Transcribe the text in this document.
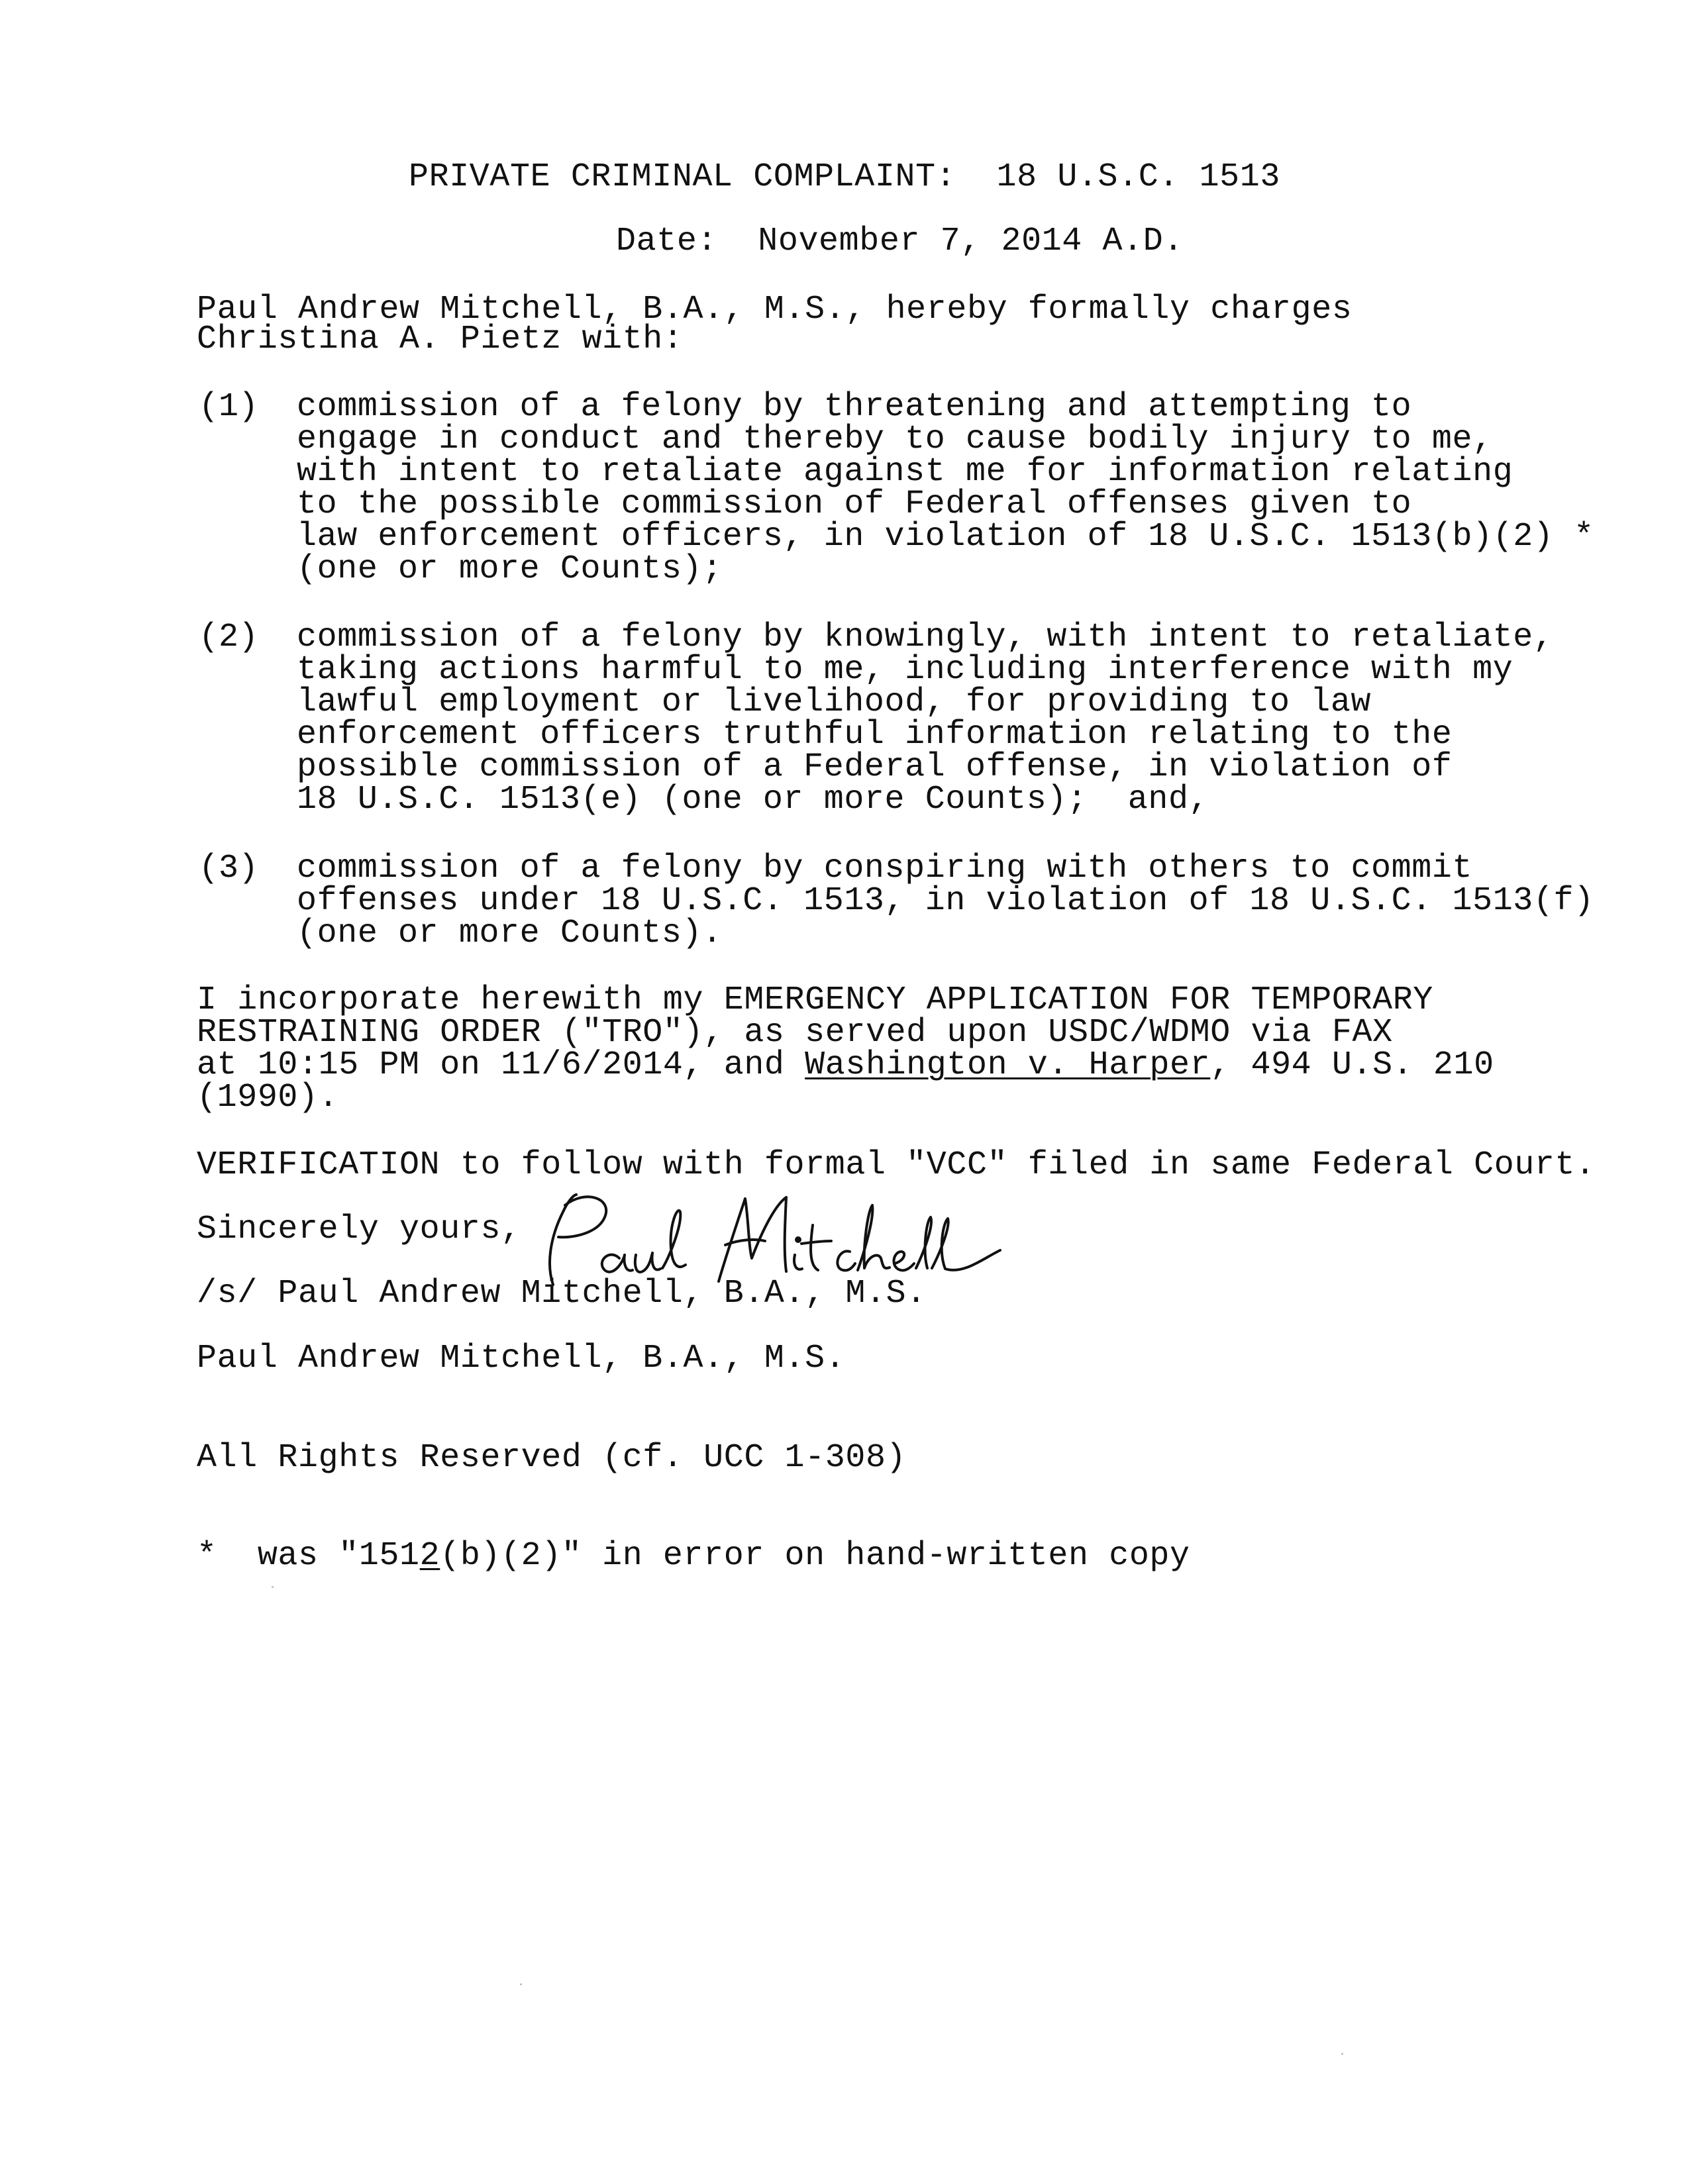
PRIVATE CRIMINAL COMPLAINT:  18 U.S.C. 1513
Date:  November 7, 2014 A.D.
Paul Andrew Mitchell, B.A., M.S., hereby formally charges
Christina A. Pietz with:
(1) commission of a felony by threatening and attempting to
engage in conduct and thereby to cause bodily injury to me,
with intent to retaliate against me for information relating
to the possible commission of Federal offenses given to
law enforcement officers, in violation of 18 U.S.C. 1513(b)(2) *
(one or more Counts);
(2) commission of a felony by knowingly, with intent to retaliate,
taking actions harmful to me, including interference with my
lawful employment or livelihood, for providing to law
enforcement officers truthful information relating to the
possible commission of a Federal offense, in violation of
18 U.S.C. 1513(e) (one or more Counts);  and,
(3) commission of a felony by conspiring with others to commit
offenses under 18 U.S.C. 1513, in violation of 18 U.S.C. 1513(f)
(one or more Counts).
I incorporate herewith my EMERGENCY APPLICATION FOR TEMPORARY
RESTRAINING ORDER ("TRO"), as served upon USDC/WDMO via FAX
at 10:15 PM on 11/6/2014, and Washington v. Harper, 494 U.S. 210
(1990).
VERIFICATION to follow with formal "VCC" filed in same Federal Court.
Sincerely yours,
/s/ Paul Andrew Mitchell, B.A., M.S.
Paul Andrew Mitchell, B.A., M.S.
All Rights Reserved (cf. UCC 1-308)
*  was "1512(b)(2)" in error on hand-written copy
